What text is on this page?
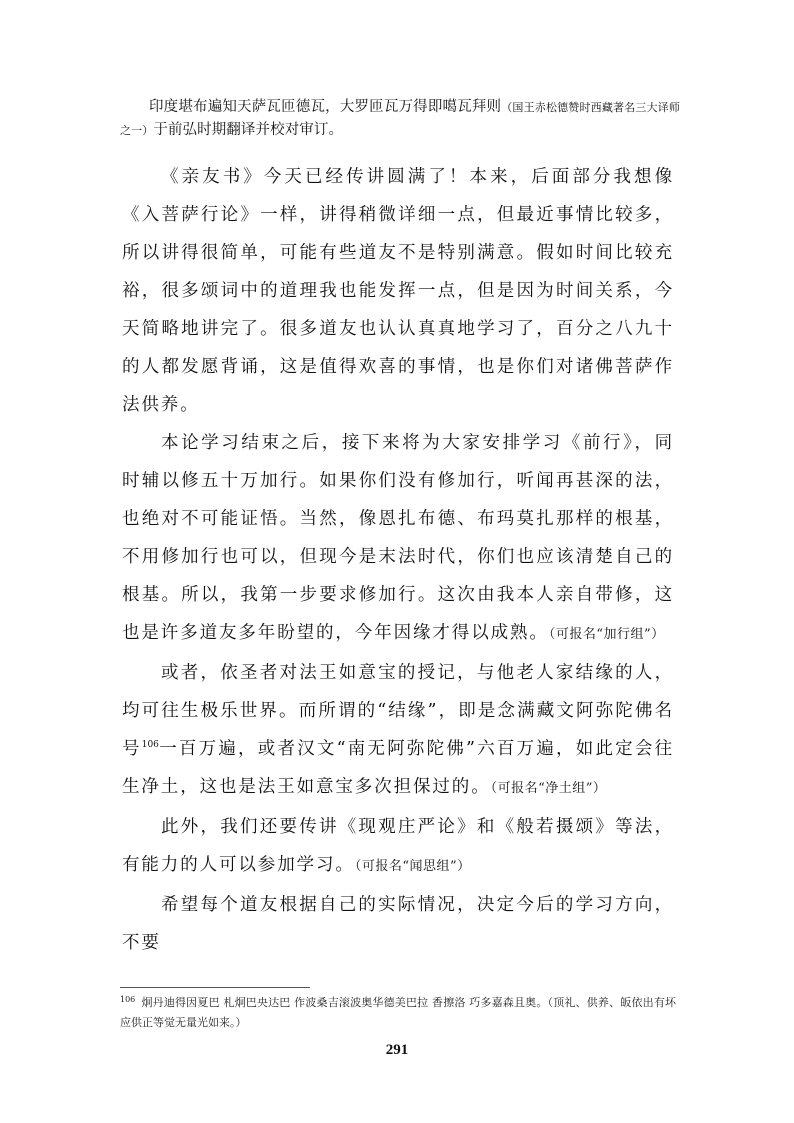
印度堪布遍知天萨瓦匝德瓦，大罗匝瓦万得即噶瓦拜则（国王赤松德赞时西藏著名三大译师之一）于前弘时期翻译并校对审订。

《亲友书》今天已经传讲圆满了！本来，后面部分我想像《入菩萨行论》一样，讲得稍微详细一点，但最近事情比较多，所以讲得很简单，可能有些道友不是特别满意。假如时间比较充裕，很多颂词中的道理我也能发挥一点，但是因为时间关系，今天简略地讲完了。很多道友也认认真真地学习了，百分之八九十的人都发愿背诵，这是值得欢喜的事情，也是你们对诸佛菩萨作法供养。

本论学习结束之后，接下来将为大家安排学习《前行》，同时辅以修五十万加行。如果你们没有修加行，听闻再甚深的法，也绝对不可能证悟。当然，像恩扎布德、布玛莫扎那样的根基，不用修加行也可以，但现今是末法时代，你们也应该清楚自己的根基。所以，我第一步要求修加行。这次由我本人亲自带修，这也是许多道友多年盼望的，今年因缘才得以成熟。（可报名“加行组”）

或者，依圣者对法王如意宝的授记，与他老人家结缘的人，均可往生极乐世界。而所谓的“结缘”，即是念满藏文阿弥陀佛名号$^{106}$一百万遍，或者汉文“南无阿弥陀佛”六百万遍，如此定会往生净土，这也是法王如意宝多次担保过的。（可报名“净土组”）

此外，我们还要传讲《现观庄严论》和《般若摄颂》等法，有能力的人可以参加学习。（可报名“闻思组”）

希望每个道友根据自己的实际情况，决定今后的学习方向，不要

$^{106}$ 炯丹迪得因夏巴 札炯巴央达巴 作波桑吉滚波奥华德美巴拉 香擦洛 巧多嘉森且奥。（顶礼、供养、皈依出有坏应供正等觉无量光如来。）
291
